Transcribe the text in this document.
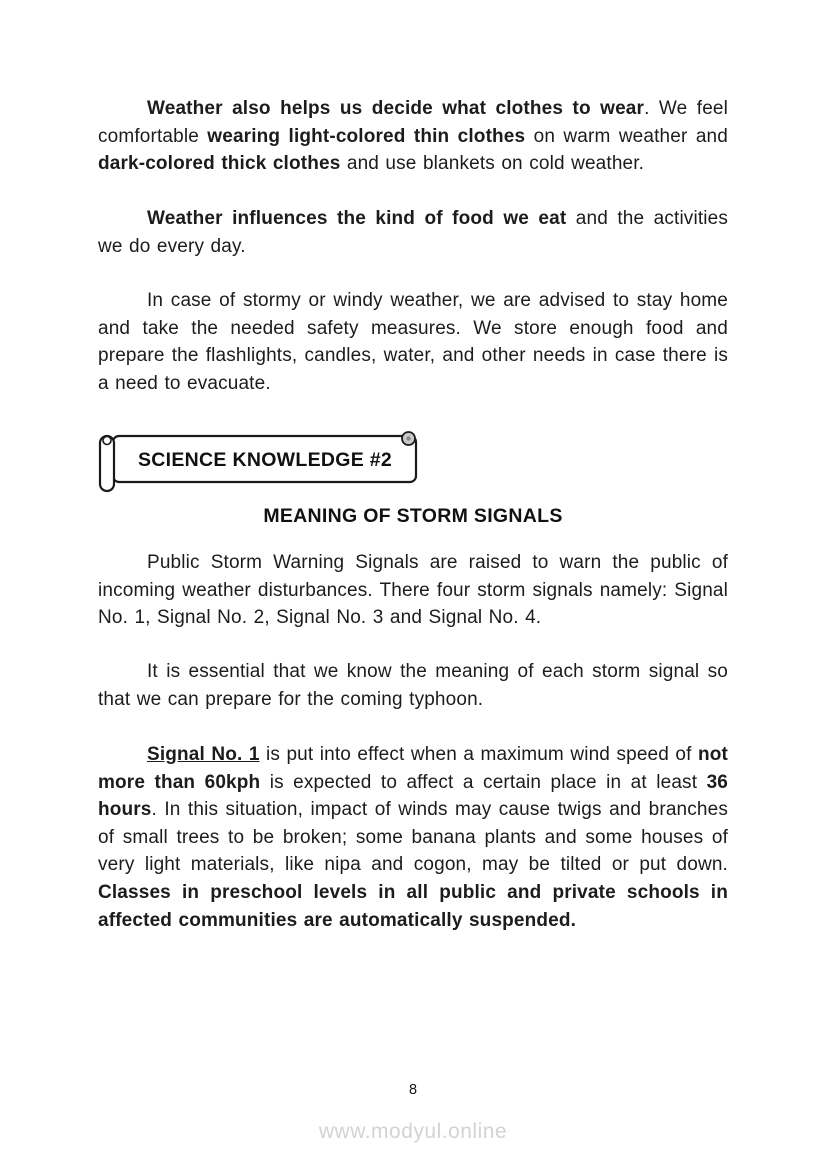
Weather also helps us decide what clothes to wear. We feel comfortable wearing light-colored thin clothes on warm weather and dark-colored thick clothes and use blankets on cold weather.

Weather influences the kind of food we eat and the activities we do every day.

In case of stormy or windy weather, we are advised to stay home and take the needed safety measures. We store enough food and prepare the flashlights, candles, water, and other needs in case there is a need to evacuate.

SCIENCE KNOWLEDGE #2
MEANING OF STORM SIGNALS

Public Storm Warning Signals are raised to warn the public of incoming weather disturbances. There four storm signals namely: Signal No. 1, Signal No. 2, Signal No. 3 and Signal No. 4.

It is essential that we know the meaning of each storm signal so that we can prepare for the coming typhoon.

Signal No. 1 is put into effect when a maximum wind speed of not more than 60kph is expected to affect a certain place in at least 36 hours. In this situation, impact of winds may cause twigs and branches of small trees to be broken; some banana plants and some houses of very light materials, like nipa and cogon, may be tilted or put down. Classes in preschool levels in all public and private schools in affected communities are automatically suspended.

8
www.modyul.online
